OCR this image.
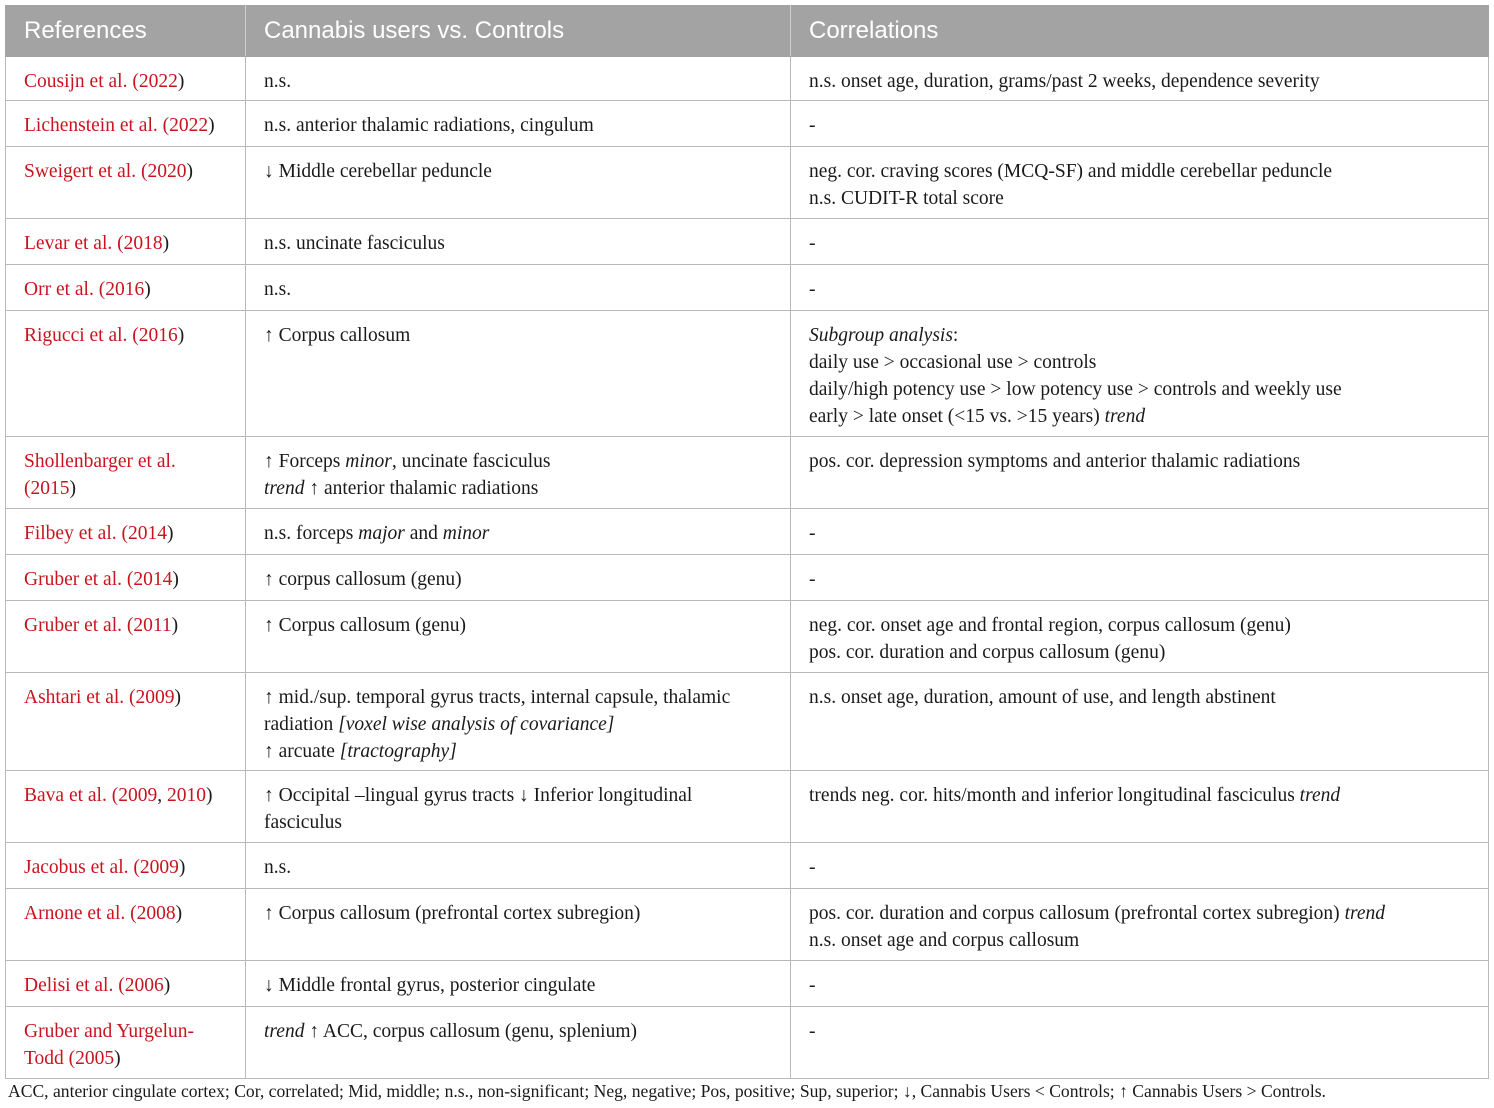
References	Cannabis users vs. Controls	Correlations
Cousijn et al. (2022)	n.s.	n.s. onset age, duration, grams/past 2 weeks, dependence severity

Lichenstein et al. (2022)	n.s. anterior thalamic radiations, cingulum	-

Sweigert et al. (2020)	↓ Middle cerebellar peduncle	neg. cor. craving scores (MCQ-SF) and middle cerebellar peduncle
n.s. CUDIT-R total score

Levar et al. (2018)	n.s. uncinate fasciculus	-

Orr et al. (2016)	n.s.	-

Rigucci et al. (2016)	↑ Corpus callosum	Subgroup analysis:
daily use > occasional use > controls
daily/high potency use > low potency use > controls and weekly use
early > late onset (<15 vs. >15 years) trend

Shollenbarger et al. (2015)	↑ Forceps minor, uncinate fasciculus
trend ↑ anterior thalamic radiations	pos. cor. depression symptoms and anterior thalamic radiations

Filbey et al. (2014)	n.s. forceps major and minor	-

Gruber et al. (2014)	↑ corpus callosum (genu)	-

Gruber et al. (2011)	↑ Corpus callosum (genu)	neg. cor. onset age and frontal region, corpus callosum (genu)
pos. cor. duration and corpus callosum (genu)

Ashtari et al. (2009)	↑ mid./sup. temporal gyrus tracts, internal capsule, thalamic radiation [voxel wise analysis of covariance]
↑ arcuate [tractography]	n.s. onset age, duration, amount of use, and length abstinent

Bava et al. (2009, 2010)	↑ Occipital –lingual gyrus tracts ↓ Inferior longitudinal fasciculus	trends neg. cor. hits/month and inferior longitudinal fasciculus trend

Jacobus et al. (2009)	n.s.	-

Arnone et al. (2008)	↑ Corpus callosum (prefrontal cortex subregion)	pos. cor. duration and corpus callosum (prefrontal cortex subregion) trend
n.s. onset age and corpus callosum

Delisi et al. (2006)	↓ Middle frontal gyrus, posterior cingulate	-

Gruber and Yurgelun-Todd (2005)	trend ↑ ACC, corpus callosum (genu, splenium)	-
ACC, anterior cingulate cortex; Cor, correlated; Mid, middle; n.s., non-significant; Neg, negative; Pos, positive; Sup, superior; ↓, Cannabis Users < Controls; ↑ Cannabis Users > Controls.
